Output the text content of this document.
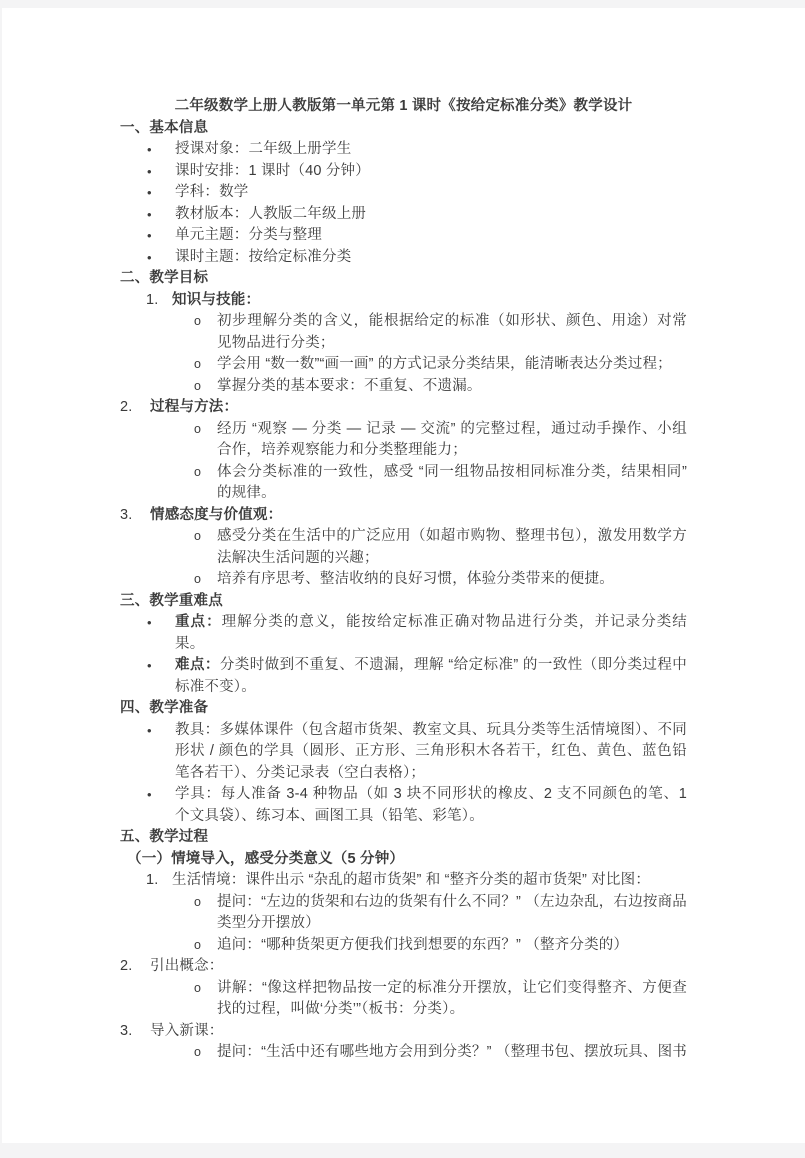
二年级数学上册人教版第一单元第 1 课时《按给定标准分类》教学设计
一、基本信息
• 授课对象：二年级上册学生
• 课时安排：1 课时（40 分钟）
• 学科：数学
• 教材版本：人教版二年级上册
• 单元主题：分类与整理
• 课时主题：按给定标准分类
二、教学目标
1. 知识与技能：
o 初步理解分类的含义，能根据给定的标准（如形状、颜色、用途）对常见物品进行分类；
o 学会用 “数一数”“画一画” 的方式记录分类结果，能清晰表达分类过程；
o 掌握分类的基本要求：不重复、不遗漏。
2. 过程与方法：
o 经历 “观察 — 分类 — 记录 — 交流” 的完整过程，通过动手操作、小组合作，培养观察能力和分类整理能力；
o 体会分类标准的一致性，感受 “同一组物品按相同标准分类，结果相同” 的规律。
3. 情感态度与价值观：
o 感受分类在生活中的广泛应用（如超市购物、整理书包），激发用数学方法解决生活问题的兴趣；
o 培养有序思考、整洁收纳的良好习惯，体验分类带来的便捷。
三、教学重难点
• 重点：理解分类的意义，能按给定标准正确对物品进行分类，并记录分类结果。
• 难点：分类时做到不重复、不遗漏，理解 “给定标准” 的一致性（即分类过程中标准不变）。
四、教学准备
• 教具：多媒体课件（包含超市货架、教室文具、玩具分类等生活情境图）、不同形状 / 颜色的学具（圆形、正方形、三角形积木各若干，红色、黄色、蓝色铅笔各若干）、分类记录表（空白表格）；
• 学具：每人准备 3-4 种物品（如 3 块不同形状的橡皮、2 支不同颜色的笔、1 个文具袋）、练习本、画图工具（铅笔、彩笔）。
五、教学过程
（一）情境导入，感受分类意义（5 分钟）
1. 生活情境：课件出示 “杂乱的超市货架” 和 “整齐分类的超市货架” 对比图：
o 提问：“左边的货架和右边的货架有什么不同？” （左边杂乱，右边按商品类型分开摆放）
o 追问：“哪种货架更方便我们找到想要的东西？” （整齐分类的）
2. 引出概念：
o 讲解：“像这样把物品按一定的标准分开摆放，让它们变得整齐、方便查找的过程，叫做‘分类’”（板书：分类）。
3. 导入新课：
o 提问：“生活中还有哪些地方会用到分类？” （整理书包、摆放玩具、图书
